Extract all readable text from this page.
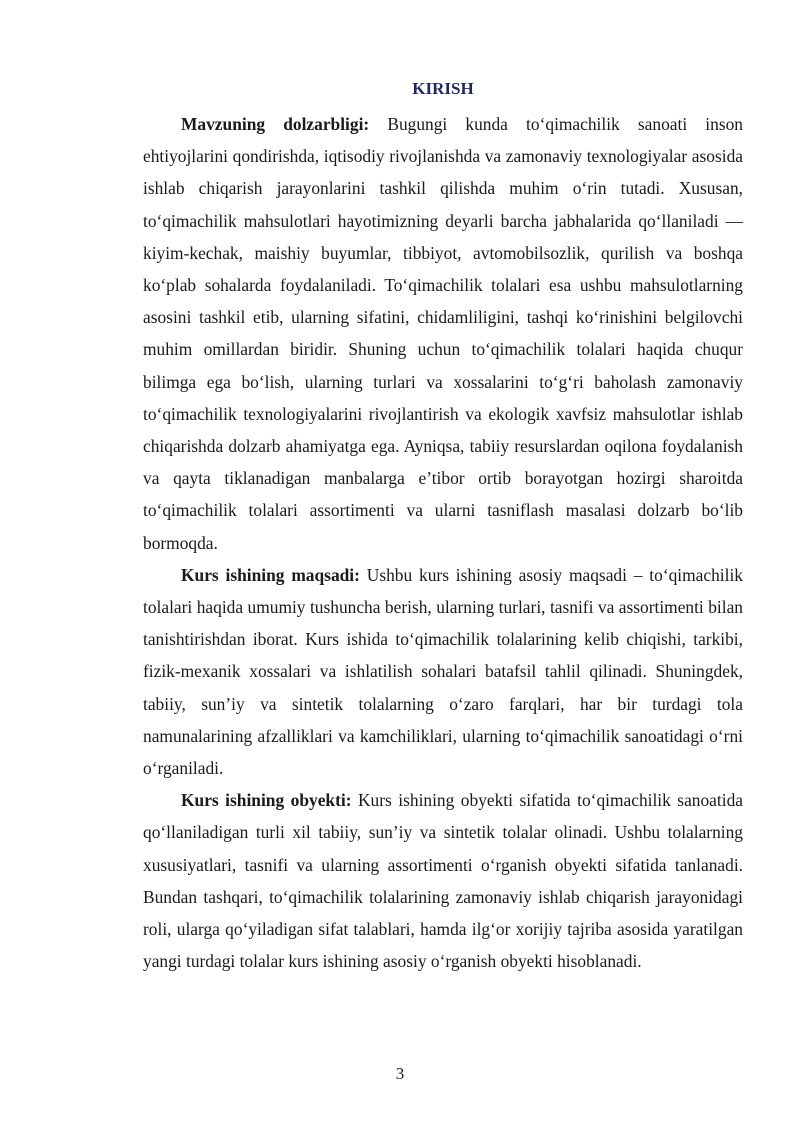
KIRISH

Mavzuning dolzarbligi: Bugungi kunda to‘qimachilik sanoati inson ehtiyojlarini qondirishda, iqtisodiy rivojlanishda va zamonaviy texnologiyalar asosida ishlab chiqarish jarayonlarini tashkil qilishda muhim o‘rin tutadi. Xususan, to‘qimachilik mahsulotlari hayotimizning deyarli barcha jabhalarida qo‘llaniladi — kiyim-kechak, maishiy buyumlar, tibbiyot, avtomobilsozlik, qurilish va boshqa ko‘plab sohalarda foydalaniladi. To‘qimachilik tolalari esa ushbu mahsulotlarning asosini tashkil etib, ularning sifatini, chidamliligini, tashqi ko‘rinishini belgilovchi muhim omillardan biridir. Shuning uchun to‘qimachilik tolalari haqida chuqur bilimga ega bo‘lish, ularning turlari va xossalarini to‘g‘ri baholash zamonaviy to‘qimachilik texnologiyalarini rivojlantirish va ekologik xavfsiz mahsulotlar ishlab chiqarishda dolzarb ahamiyatga ega. Ayniqsa, tabiiy resurslardan oqilona foydalanish va qayta tiklanadigan manbalarga e’tibor ortib borayotgan hozirgi sharoitda to‘qimachilik tolalari assortimenti va ularni tasniflash masalasi dolzarb bo‘lib bormoqda.

Kurs ishining maqsadi: Ushbu kurs ishining asosiy maqsadi – to‘qimachilik tolalari haqida umumiy tushuncha berish, ularning turlari, tasnifi va assortimenti bilan tanishtirishdan iborat. Kurs ishida to‘qimachilik tolalarining kelib chiqishi, tarkibi, fizik-mexanik xossalari va ishlatilish sohalari batafsil tahlil qilinadi. Shuningdek, tabiiy, sun’iy va sintetik tolalarning o‘zaro farqlari, har bir turdagi tola namunalarining afzalliklari va kamchiliklari, ularning to‘qimachilik sanoatidagi o‘rni o‘rganiladi.

Kurs ishining obyekti: Kurs ishining obyekti sifatida to‘qimachilik sanoatida qo‘llaniladigan turli xil tabiiy, sun’iy va sintetik tolalar olinadi. Ushbu tolalarning xususiyatlari, tasnifi va ularning assortimenti o‘rganish obyekti sifatida tanlanadi. Bundan tashqari, to‘qimachilik tolalarining zamonaviy ishlab chiqarish jarayonidagi roli, ularga qo‘yiladigan sifat talablari, hamda ilg‘or xorijiy tajriba asosida yaratilgan yangi turdagi tolalar kurs ishining asosiy o‘rganish obyekti hisoblanadi.

3
